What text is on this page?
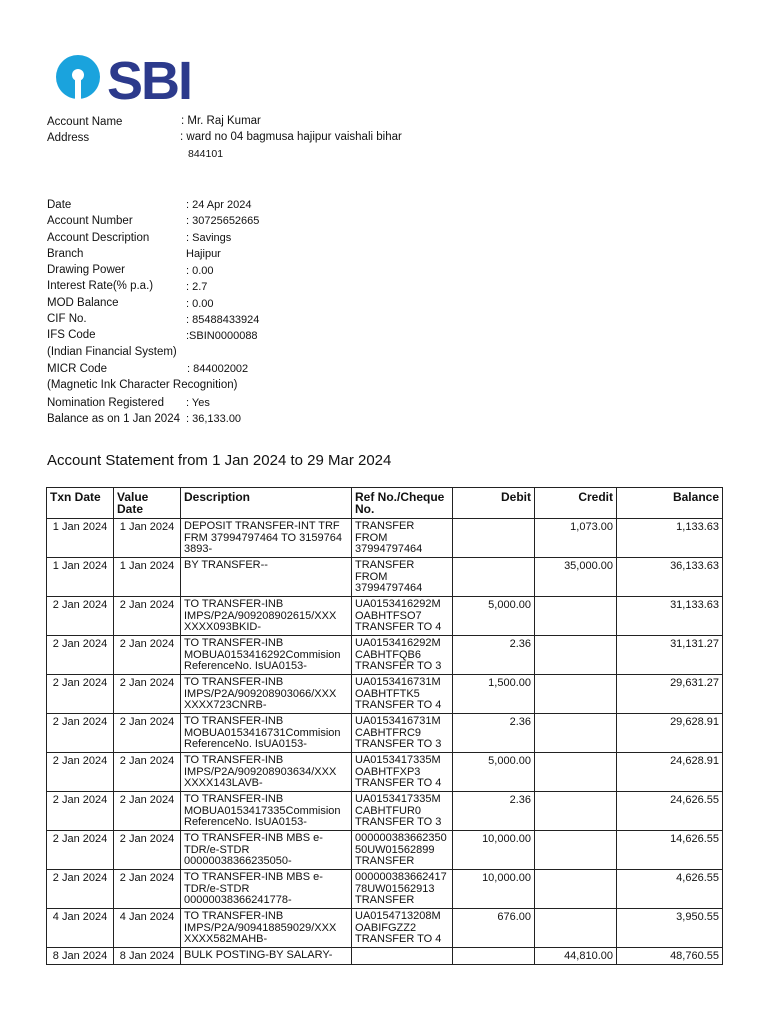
SBI
Account Name	: Mr. Raj Kumar
Address	: ward no 04 bagmusa hajipur vaishali bihar
844101
Date	: 24 Apr 2024
Account Number	: 30725652665
Account Description	: Savings
Branch	Hajipur
Drawing Power	: 0.00
Interest Rate(% p.a.)	: 2.7
MOD Balance	: 0.00
CIF No.	: 85488433924
IFS Code	:SBIN0000088
(Indian Financial System)
MICR Code	: 844002002
(Magnetic Ink Character Recognition)
Nomination Registered : Yes
Balance as on 1 Jan 2024 : 36,133.00
Account Statement from 1 Jan 2024 to 29 Mar 2024
Txn Date	Value Date	Description	Ref No./Cheque No.	Debit	Credit	Balance
1 Jan 2024	1 Jan 2024	DEPOSIT TRANSFER-INT TRF FRM 37994797464 TO 31597643893-	TRANSFER
FROM
37994797464		1,073.00	1,133.63
1 Jan 2024	1 Jan 2024	BY TRANSFER--	TRANSFER
FROM
37994797464		35,000.00	36,133.63
2 Jan 2024	2 Jan 2024	TO TRANSFER-INB
IMPS/P2A/909208902615/XXX
XXXX093BKID-	UA0153416292M
OABHTFSO7
TRANSFER TO 4	5,000.00		31,133.63
2 Jan 2024	2 Jan 2024	TO TRANSFER-INB
MOBUA0153416292Commision
ReferenceNo. IsUA0153-	UA0153416292M
CABHTFQB6
TRANSFER TO 3	2.36		31,131.27
2 Jan 2024	2 Jan 2024	TO TRANSFER-INB
IMPS/P2A/909208903066/XXX
XXXX723CNRB-	UA0153416731M
OABHTFTK5
TRANSFER TO 4	1,500.00		29,631.27
2 Jan 2024	2 Jan 2024	TO TRANSFER-INB
MOBUA0153416731Commision
ReferenceNo. IsUA0153-	UA0153416731M
CABHTFRC9
TRANSFER TO 3	2.36		29,628.91
2 Jan 2024	2 Jan 2024	TO TRANSFER-INB
IMPS/P2A/909208903634/XXX
XXXX143LAVB-	UA0153417335M
OABHTFXP3
TRANSFER TO 4	5,000.00		24,628.91
2 Jan 2024	2 Jan 2024	TO TRANSFER-INB
MOBUA0153417335Commision
ReferenceNo. IsUA0153-	UA0153417335M
CABHTFUR0
TRANSFER TO 3	2.36		24,626.55
2 Jan 2024	2 Jan 2024	TO TRANSFER-INB MBS e-
TDR/e-STDR
00000038366235050-	000000383662350
50UW01562899
TRANSFER	10,000.00		14,626.55
2 Jan 2024	2 Jan 2024	TO TRANSFER-INB MBS e-
TDR/e-STDR
00000038366241778-	000000383662417
78UW01562913
TRANSFER	10,000.00		4,626.55
4 Jan 2024	4 Jan 2024	TO TRANSFER-INB
IMPS/P2A/909418859029/XXX
XXXX582MAHB-	UA0154713208M
OABIFGZZ2
TRANSFER TO 4	676.00		3,950.55
8 Jan 2024	8 Jan 2024	BULK POSTING-BY SALARY-			44,810.00	48,760.55
